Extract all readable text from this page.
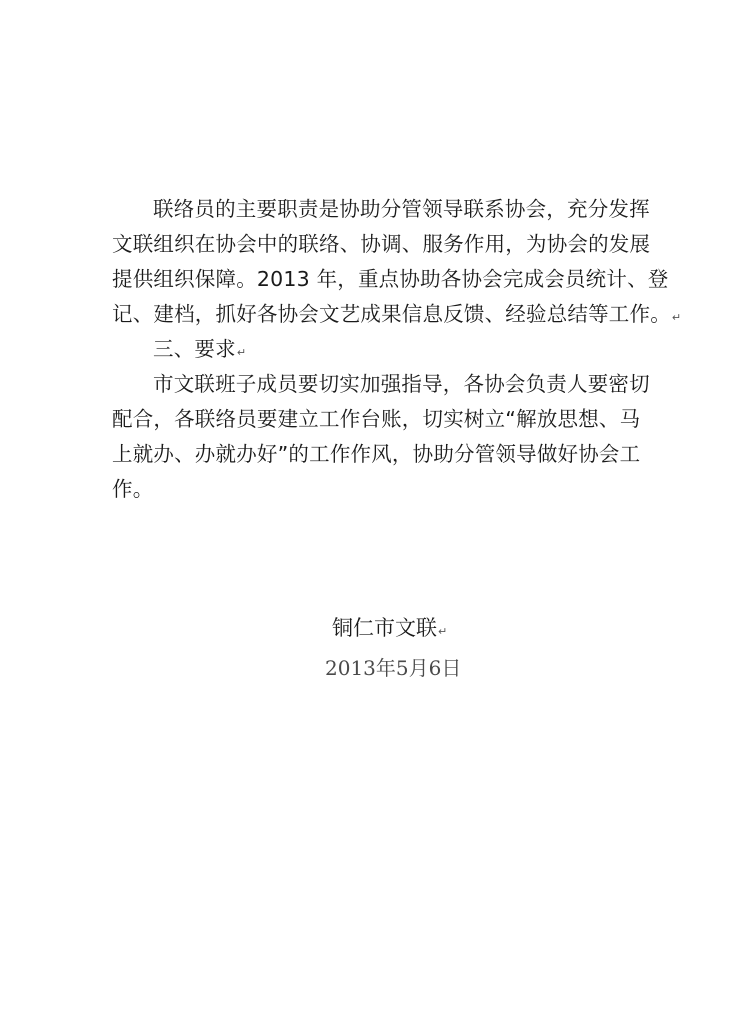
联络员的主要职责是协助分管领导联系协会，充分发挥
文联组织在协会中的联络、协调、服务作用，为协会的发展
提供组织保障。2013 年，重点协助各协会完成会员统计、登
记、建档，抓好各协会文艺成果信息反馈、经验总结等工作。↵
三、要求↵
市文联班子成员要切实加强指导，各协会负责人要密切
配合，各联络员要建立工作台账，切实树立“解放思想、马
上就办、办就办好”的工作作风，协助分管领导做好协会工
作。
铜仁市文联↵
2013年5月6日
